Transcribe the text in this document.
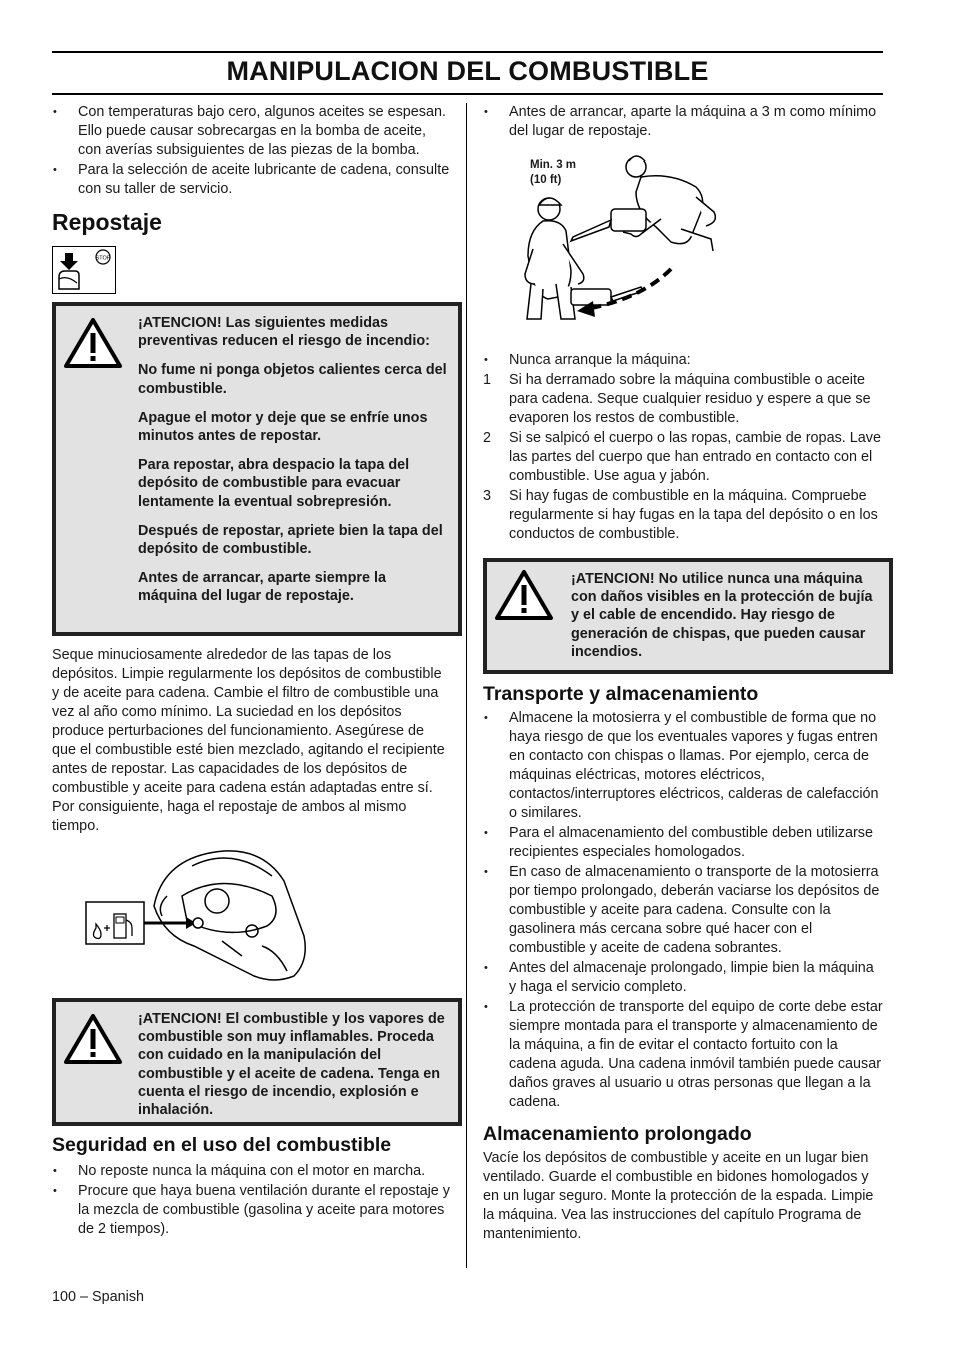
MANIPULACION DEL COMBUSTIBLE
• Con temperaturas bajo cero, algunos aceites se espesan. Ello puede causar sobrecargas en la bomba de aceite, con averías subsiguientes de las piezas de la bomba.
• Para la selección de aceite lubricante de cadena, consulte con su taller de servicio.
Repostaje
STOP

¡ATENCION! Las siguientes medidas preventivas reducen el riesgo de incendio:

No fume ni ponga objetos calientes cerca del combustible.

Apague el motor y deje que se enfríe unos minutos antes de repostar.

Para repostar, abra despacio la tapa del depósito de combustible para evacuar lentamente la eventual sobrepresión.

Después de repostar, apriete bien la tapa del depósito de combustible.

Antes de arrancar, aparte siempre la máquina del lugar de repostaje.

Seque minuciosamente alrededor de las tapas de los depósitos. Limpie regularmente los depósitos de combustible y de aceite para cadena. Cambie el filtro de combustible una vez al año como mínimo. La suciedad en los depósitos produce perturbaciones del funcionamiento. Asegúrese de que el combustible esté bien mezclado, agitando el recipiente antes de repostar. Las capacidades de los depósitos de combustible y aceite para cadena están adaptadas entre sí. Por consiguiente, haga el repostaje de ambos al mismo tiempo.

¡ATENCION! El combustible y los vapores de combustible son muy inflamables. Proceda con cuidado en la manipulación del combustible y el aceite de cadena. Tenga en cuenta el riesgo de incendio, explosión e inhalación.

Seguridad en el uso del combustible
• No reposte nunca la máquina con el motor en marcha.
• Procure que haya buena ventilación durante el repostaje y la mezcla de combustible (gasolina y aceite para motores de 2 tiempos).
• Antes de arrancar, aparte la máquina a 3 m como mínimo del lugar de repostaje.
Min. 3 m
(10 ft)
• Nunca arranque la máquina:
1 Si ha derramado sobre la máquina combustible o aceite para cadena. Seque cualquier residuo y espere a que se evaporen los restos de combustible.
2 Si se salpicó el cuerpo o las ropas, cambie de ropas. Lave las partes del cuerpo que han entrado en contacto con el combustible. Use agua y jabón.
3 Si hay fugas de combustible en la máquina. Compruebe regularmente si hay fugas en la tapa del depósito o en los conductos de combustible.

¡ATENCION! No utilice nunca una máquina con daños visibles en la protección de bujía y el cable de encendido. Hay riesgo de generación de chispas, que pueden causar incendios.

Transporte y almacenamiento
• Almacene la motosierra y el combustible de forma que no haya riesgo de que los eventuales vapores y fugas entren en contacto con chispas o llamas. Por ejemplo, cerca de máquinas eléctricas, motores eléctricos, contactos/interruptores eléctricos, calderas de calefacción o similares.
• Para el almacenamiento del combustible deben utilizarse recipientes especiales homologados.
• En caso de almacenamiento o transporte de la motosierra por tiempo prolongado, deberán vaciarse los depósitos de combustible y aceite para cadena. Consulte con la gasolinera más cercana sobre qué hacer con el combustible y aceite de cadena sobrantes.
• Antes del almacenaje prolongado, limpie bien la máquina y haga el servicio completo.
• La protección de transporte del equipo de corte debe estar siempre montada para el transporte y almacenamiento de la máquina, a fin de evitar el contacto fortuito con la cadena aguda. Una cadena inmóvil también puede causar daños graves al usuario u otras personas que llegan a la cadena.
Almacenamiento prolongado

Vacíe los depósitos de combustible y aceite en un lugar bien ventilado. Guarde el combustible en bidones homologados y en un lugar seguro. Monte la protección de la espada. Limpie la máquina. Vea las instrucciones del capítulo Programa de mantenimiento.

100 – Spanish
